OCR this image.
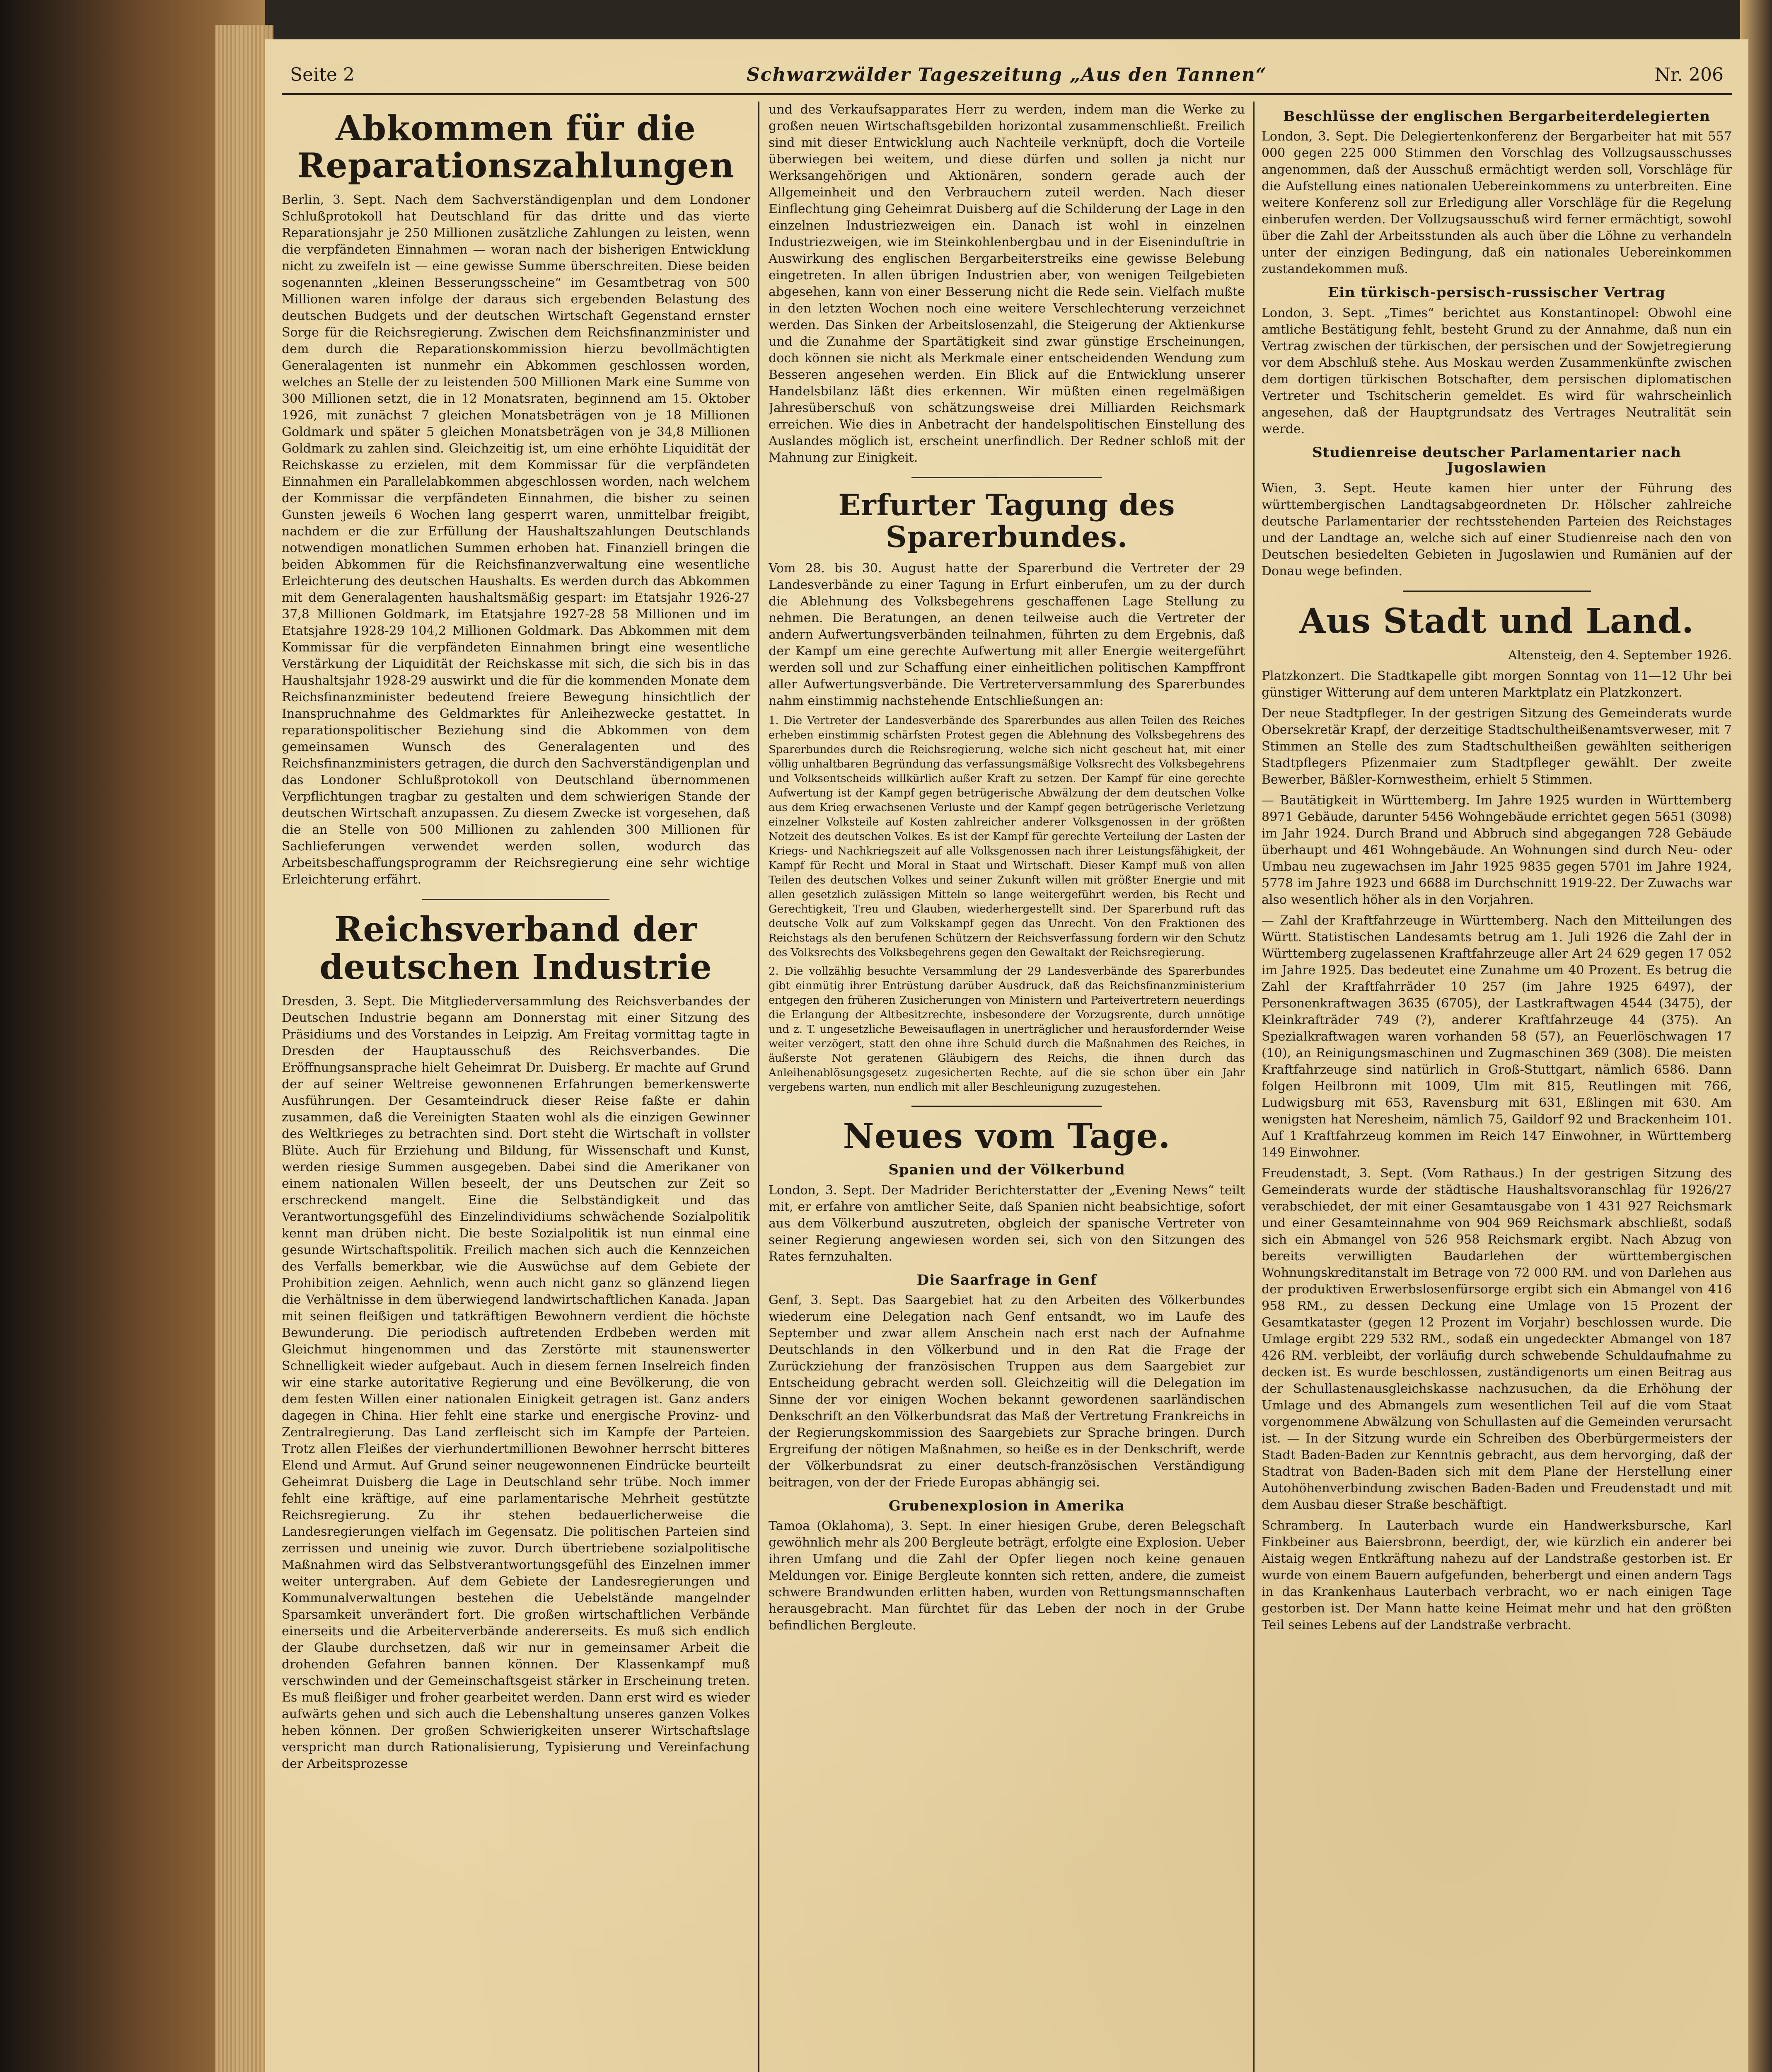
Seite 2	Schwarzwälder Tageszeitung „Aus den Tannen“	Nr. 206
Abkommen für die Reparationszahlungen

Berlin, 3. Sept. Nach dem Sachverständigenplan und dem Londoner Schlußprotokoll hat Deutschland für das dritte und das vierte Reparationsjahr je 250 Millionen zusätzliche Zahlungen zu leisten, wenn die verpfändeten Einnahmen — woran nach der bisherigen Entwicklung nicht zu zweifeln ist — eine gewisse Summe überschreiten. Diese beiden sogenannten „kleinen Besserungsscheine“ im Gesamtbetrag von 500 Millionen waren infolge der daraus sich ergebenden Belastung des deutschen Budgets und der deutschen Wirtschaft Gegenstand ernster Sorge für die Reichsregierung. Zwischen dem Reichsfinanzminister und dem durch die Reparationskommission hierzu bevollmächtigten Generalagenten ist nunmehr ein Abkommen geschlossen worden, welches an Stelle der zu leistenden 500 Millionen Mark eine Summe von 300 Millionen setzt, die in 12 Monatsraten, beginnend am 15. Oktober 1926, mit zunächst 7 gleichen Monatsbeträgen von je 18 Millionen Goldmark und später 5 gleichen Monatsbeträgen von je 34,8 Millionen Goldmark zu zahlen sind. Gleichzeitig ist, um eine erhöhte Liquidität der Reichskasse zu erzielen, mit dem Kommissar für die verpfändeten Einnahmen ein Parallelabkommen abgeschlossen worden, nach welchem der Kommissar die verpfändeten Einnahmen, die bisher zu seinen Gunsten jeweils 6 Wochen lang gesperrt waren, unmittelbar freigibt, nachdem er die zur Erfüllung der Haushaltszahlungen Deutschlands notwendigen monatlichen Summen erhoben hat. Finanziell bringen die beiden Abkommen für die Reichsfinanzverwaltung eine wesentliche Erleichterung des deutschen Haushalts. Es werden durch das Abkommen mit dem Generalagenten haushaltsmäßig gespart: im Etatsjahr 1926-27 37,8 Millionen Goldmark, im Etatsjahre 1927-28 58 Millionen und im Etatsjahre 1928-29 104,2 Millionen Goldmark. Das Abkommen mit dem Kommissar für die verpfändeten Einnahmen bringt eine wesentliche Verstärkung der Liquidität der Reichskasse mit sich, die sich bis in das Haushaltsjahr 1928-29 auswirkt und die für die kommenden Monate dem Reichsfinanzminister bedeutend freiere Bewegung hinsichtlich der Inanspruchnahme des Geldmarktes für Anleihezwecke gestattet. In reparationspolitischer Beziehung sind die Abkommen von dem gemeinsamen Wunsch des Generalagenten und des Reichsfinanzministers getragen, die durch den Sachverständigenplan und das Londoner Schlußprotokoll von Deutschland übernommenen Verpflichtungen tragbar zu gestalten und dem schwierigen Stande der deutschen Wirtschaft anzupassen. Zu diesem Zwecke ist vorgesehen, daß die an Stelle von 500 Millionen zu zahlenden 300 Millionen für Sachlieferungen verwendet werden sollen, wodurch das Arbeitsbeschaffungsprogramm der Reichsregierung eine sehr wichtige Erleichterung erfährt.

Reichsverband der deutschen Industrie

Dresden, 3. Sept. Die Mitgliederversammlung des Reichsverbandes der Deutschen Industrie begann am Donnerstag mit einer Sitzung des Präsidiums und des Vorstandes in Leipzig. Am Freitag vormittag tagte in Dresden der Hauptausschuß des Reichsverbandes. Die Eröffnungsansprache hielt Geheimrat Dr. Duisberg. Er machte auf Grund der auf seiner Weltreise gewonnenen Erfahrungen bemerkenswerte Ausführungen. Der Gesamteindruck dieser Reise faßte er dahin zusammen, daß die Vereinigten Staaten wohl als die einzigen Gewinner des Weltkrieges zu betrachten sind. Dort steht die Wirtschaft in vollster Blüte. Auch für Erziehung und Bildung, für Wissenschaft und Kunst, werden riesige Summen ausgegeben. Dabei sind die Amerikaner von einem nationalen Willen beseelt, der uns Deutschen zur Zeit so erschreckend mangelt. Eine die Selbständigkeit und das Verantwortungsgefühl des Einzelindividiums schwächende Sozialpolitik kennt man drüben nicht. Die beste Sozialpolitik ist nun einmal eine gesunde Wirtschaftspolitik. Freilich machen sich auch die Kennzeichen des Verfalls bemerkbar, wie die Auswüchse auf dem Gebiete der Prohibition zeigen. Aehnlich, wenn auch nicht ganz so glänzend liegen die Verhältnisse in dem überwiegend landwirtschaftlichen Kanada. Japan mit seinen fleißigen und tatkräftigen Bewohnern verdient die höchste Bewunderung. Die periodisch auftretenden Erdbeben werden mit Gleichmut hingenommen und das Zerstörte mit staunenswerter Schnelligkeit wieder aufgebaut. Auch in diesem fernen Inselreich finden wir eine starke autoritative Regierung und eine Bevölkerung, die von dem festen Willen einer nationalen Einigkeit getragen ist. Ganz anders dagegen in China. Hier fehlt eine starke und energische Provinz- und Zentralregierung. Das Land zerfleischt sich im Kampfe der Parteien. Trotz allen Fleißes der vierhundertmillionen Bewohner herrscht bitteres Elend und Armut. Auf Grund seiner neugewonnenen Eindrücke beurteilt Geheimrat Duisberg die Lage in Deutschland sehr trübe. Noch immer fehlt eine kräftige, auf eine parlamentarische Mehrheit gestützte Reichsregierung. Zu ihr stehen bedauerlicherweise die Landesregierungen vielfach im Gegensatz. Die politischen Parteien sind zerrissen und uneinig wie zuvor. Durch übertriebene sozialpolitische Maßnahmen wird das Selbstverantwortungsgefühl des Einzelnen immer weiter untergraben. Auf dem Gebiete der Landesregierungen und Kommunalverwaltungen bestehen die Uebelstände mangelnder Sparsamkeit unverändert fort. Die großen wirtschaftlichen Verbände einerseits und die Arbeiterverbände andererseits. Es muß sich endlich der Glaube durchsetzen, daß wir nur in gemeinsamer Arbeit die drohenden Gefahren bannen können. Der Klassenkampf muß verschwinden und der Gemeinschaftsgeist stärker in Erscheinung treten. Es muß fleißiger und froher gearbeitet werden. Dann erst wird es wieder aufwärts gehen und sich auch die Lebenshaltung unseres ganzen Volkes heben können. Der großen Schwierigkeiten unserer Wirtschaftslage verspricht man durch Rationalisierung, Typisierung und Vereinfachung der Arbeitsprozesse

und des Verkaufsapparates Herr zu werden, indem man die Werke zu großen neuen Wirtschaftsgebilden horizontal zusammenschließt. Freilich sind mit dieser Entwicklung auch Nachteile verknüpft, doch die Vorteile überwiegen bei weitem, und diese dürfen und sollen ja nicht nur Werksangehörigen und Aktionären, sondern gerade auch der Allgemeinheit und den Verbrauchern zuteil werden. Nach dieser Einflechtung ging Geheimrat Duisberg auf die Schilderung der Lage in den einzelnen Industriezweigen ein. Danach ist wohl in einzelnen Industriezweigen, wie im Steinkohlenbergbau und in der Eiseninduſtrie in Auswirkung des englischen Bergarbeiterstreiks eine gewisse Belebung eingetreten. In allen übrigen Industrien aber, von wenigen Teilgebieten abgesehen, kann von einer Besserung nicht die Rede sein. Vielfach mußte in den letzten Wochen noch eine weitere Verschlechterung verzeichnet werden. Das Sinken der Arbeitslosenzahl, die Steigerung der Aktienkurse und die Zunahme der Spartätigkeit sind zwar günstige Erscheinungen, doch können sie nicht als Merkmale einer entscheidenden Wendung zum Besseren angesehen werden. Ein Blick auf die Entwicklung unserer Handelsbilanz läßt dies erkennen. Wir müßten einen regelmäßigen Jahresüberschuß von schätzungsweise drei Milliarden Reichsmark erreichen. Wie dies in Anbetracht der handelspolitischen Einstellung des Auslandes möglich ist, erscheint unerfindlich. Der Redner schloß mit der Mahnung zur Einigkeit.

Erfurter Tagung des Sparerbundes.

Vom 28. bis 30. August hatte der Sparerbund die Vertreter der 29 Landesverbände zu einer Tagung in Erfurt einberufen, um zu der durch die Ablehnung des Volksbegehrens geschaffenen Lage Stellung zu nehmen. Die Beratungen, an denen teilweise auch die Vertreter der andern Aufwertungsverbänden teilnahmen, führten zu dem Ergebnis, daß der Kampf um eine gerechte Aufwertung mit aller Energie weitergeführt werden soll und zur Schaffung einer einheitlichen politischen Kampffront aller Aufwertungsverbände. Die Vertreterversammlung des Sparerbundes nahm einstimmig nachstehende Entschließungen an:

1. Die Vertreter der Landesverbände des Sparerbundes aus allen Teilen des Reiches erheben einstimmig schärfsten Protest gegen die Ablehnung des Volksbegehrens des Sparerbundes durch die Reichsregierung, welche sich nicht gescheut hat, mit einer völlig unhaltbaren Begründung das verfassungsmäßige Volksrecht des Volksbegehrens und Volksentscheids willkürlich außer Kraft zu setzen. Der Kampf für eine gerechte Aufwertung ist der Kampf gegen betrügerische Abwälzung der dem deutschen Volke aus dem Krieg erwachsenen Verluste und der Kampf gegen betrügerische Verletzung einzelner Volksteile auf Kosten zahlreicher anderer Volksgenossen in der größten Notzeit des deutschen Volkes. Es ist der Kampf für gerechte Verteilung der Lasten der Kriegs- und Nachkriegszeit auf alle Volksgenossen nach ihrer Leistungsfähigkeit, der Kampf für Recht und Moral in Staat und Wirtschaft. Dieser Kampf muß von allen Teilen des deutschen Volkes und seiner Zukunft willen mit größter Energie und mit allen gesetzlich zulässigen Mitteln so lange weitergeführt werden, bis Recht und Gerechtigkeit, Treu und Glauben, wiederhergestellt sind. Der Sparerbund ruft das deutsche Volk auf zum Volkskampf gegen das Unrecht. Von den Fraktionen des Reichstags als den berufenen Schützern der Reichsverfassung fordern wir den Schutz des Volksrechts des Volksbegehrens gegen den Gewaltakt der Reichsregierung.

2. Die vollzählig besuchte Versammlung der 29 Landesverbände des Sparerbundes gibt einmütig ihrer Entrüstung darüber Ausdruck, daß das Reichsfinanzministerium entgegen den früheren Zusicherungen von Ministern und Parteivertretern neuerdings die Erlangung der Altbesitzrechte, insbesondere der Vorzugsrente, durch unnötige und z. T. ungesetzliche Beweisauflagen in unerträglicher und herausfordernder Weise weiter verzögert, statt den ohne ihre Schuld durch die Maßnahmen des Reiches, in äußerste Not geratenen Gläubigern des Reichs, die ihnen durch das Anleihenablösungsgesetz zugesicherten Rechte, auf die sie schon über ein Jahr vergebens warten, nun endlich mit aller Beschleunigung zuzugestehen.

Neues vom Tage.
Spanien und der Völkerbund

London, 3. Sept. Der Madrider Berichterstatter der „Evening News“ teilt mit, er erfahre von amtlicher Seite, daß Spanien nicht beabsichtige, sofort aus dem Völkerbund auszutreten, obgleich der spanische Vertreter von seiner Regierung angewiesen worden sei, sich von den Sitzungen des Rates fernzuhalten.

Die Saarfrage in Genf

Genf, 3. Sept. Das Saargebiet hat zu den Arbeiten des Völkerbundes wiederum eine Delegation nach Genf entsandt, wo im Laufe des September und zwar allem Anschein nach erst nach der Aufnahme Deutschlands in den Völkerbund und in den Rat die Frage der Zurückziehung der französischen Truppen aus dem Saargebiet zur Entscheidung gebracht werden soll. Gleichzeitig will die Delegation im Sinne der vor einigen Wochen bekannt gewordenen saarländischen Denkschrift an den Völkerbundsrat das Maß der Vertretung Frankreichs in der Regierungskommission des Saargebiets zur Sprache bringen. Durch Ergreifung der nötigen Maßnahmen, so heiße es in der Denkschrift, werde der Völkerbundsrat zu einer deutsch-französischen Verständigung beitragen, von der der Friede Europas abhängig sei.

Grubenexplosion in Amerika

Tamoa (Oklahoma), 3. Sept. In einer hiesigen Grube, deren Belegschaft gewöhnlich mehr als 200 Bergleute beträgt, erfolgte eine Explosion. Ueber ihren Umfang und die Zahl der Opfer liegen noch keine genauen Meldungen vor. Einige Bergleute konnten sich retten, andere, die zumeist schwere Brandwunden erlitten haben, wurden von Rettungsmannschaften herausgebracht. Man fürchtet für das Leben der noch in der Grube befindlichen Bergleute.

Beschlüsse der englischen Bergarbeiterdelegierten

London, 3. Sept. Die Delegiertenkonferenz der Bergarbeiter hat mit 557 000 gegen 225 000 Stimmen den Vorschlag des Vollzugsausschusses angenommen, daß der Ausschuß ermächtigt werden soll, Vorschläge für die Aufstellung eines nationalen Uebereinkommens zu unterbreiten. Eine weitere Konferenz soll zur Erledigung aller Vorschläge für die Regelung einberufen werden. Der Vollzugsausschuß wird ferner ermächtigt, sowohl über die Zahl der Arbeitsstunden als auch über die Löhne zu verhandeln unter der einzigen Bedingung, daß ein nationales Uebereinkommen zustandekommen muß.

Ein türkisch-persisch-russischer Vertrag

London, 3. Sept. „Times“ berichtet aus Konstantinopel: Obwohl eine amtliche Bestätigung fehlt, besteht Grund zu der Annahme, daß nun ein Vertrag zwischen der türkischen, der persischen und der Sowjetregierung vor dem Abschluß stehe. Aus Moskau werden Zusammenkünfte zwischen dem dortigen türkischen Botschafter, dem persischen diplomatischen Vertreter und Tschitscherin gemeldet. Es wird für wahrscheinlich angesehen, daß der Hauptgrundsatz des Vertrages Neutralität sein werde.

Studienreise deutscher Parlamentarier nach Jugoslawien

Wien, 3. Sept. Heute kamen hier unter der Führung des württembergischen Landtagsabgeordneten Dr. Hölscher zahlreiche deutsche Parlamentarier der rechtsstehenden Parteien des Reichstages und der Landtage an, welche sich auf einer Studienreise nach den von Deutschen besiedelten Gebieten in Jugoslawien und Rumänien auf der Donau wege befinden.

Aus Stadt und Land.
Altensteig, den 4. September 1926.

Platzkonzert. Die Stadtkapelle gibt morgen Sonntag von 11—12 Uhr bei günstiger Witterung auf dem unteren Marktplatz ein Platzkonzert.

Der neue Stadtpfleger. In der gestrigen Sitzung des Gemeinderats wurde Obersekretär Krapf, der derzeitige Stadtschultheißenamtsverweser, mit 7 Stimmen an Stelle des zum Stadtschultheißen gewählten seitherigen Stadtpflegers Pfizenmaier zum Stadtpfleger gewählt. Der zweite Bewerber, Bäßler-Kornwestheim, erhielt 5 Stimmen.

— Bautätigkeit in Württemberg. Im Jahre 1925 wurden in Württemberg 8971 Gebäude, darunter 5456 Wohngebäude errichtet gegen 5651 (3098) im Jahr 1924. Durch Brand und Abbruch sind abgegangen 728 Gebäude überhaupt und 461 Wohngebäude. An Wohnungen sind durch Neu- oder Umbau neu zugewachsen im Jahr 1925 9835 gegen 5701 im Jahre 1924, 5778 im Jahre 1923 und 6688 im Durchschnitt 1919-22. Der Zuwachs war also wesentlich höher als in den Vorjahren.

— Zahl der Kraftfahrzeuge in Württemberg. Nach den Mitteilungen des Württ. Statistischen Landesamts betrug am 1. Juli 1926 die Zahl der in Württemberg zugelassenen Kraftfahrzeuge aller Art 24 629 gegen 17 052 im Jahre 1925. Das bedeutet eine Zunahme um 40 Prozent. Es betrug die Zahl der Kraftfahrräder 10 257 (im Jahre 1925 6497), der Personenkraftwagen 3635 (6705), der Lastkraftwagen 4544 (3475), der Kleinkrafträder 749 (?), anderer Kraftfahrzeuge 44 (375). An Spezialkraftwagen waren vorhanden 58 (57), an Feuerlöschwagen 17 (10), an Reinigungsmaschinen und Zugmaschinen 369 (308). Die meisten Kraftfahrzeuge sind natürlich in Groß-Stuttgart, nämlich 6586. Dann folgen Heilbronn mit 1009, Ulm mit 815, Reutlingen mit 766, Ludwigsburg mit 653, Ravensburg mit 631, Eßlingen mit 630. Am wenigsten hat Neresheim, nämlich 75, Gaildorf 92 und Brackenheim 101. Auf 1 Kraftfahrzeug kommen im Reich 147 Einwohner, in Württemberg 149 Einwohner.

Freudenstadt, 3. Sept. (Vom Rathaus.) In der gestrigen Sitzung des Gemeinderats wurde der städtische Haushaltsvoranschlag für 1926/27 verabschiedet, der mit einer Gesamtausgabe von 1 431 927 Reichsmark und einer Gesamteinnahme von 904 969 Reichsmark abschließt, sodaß sich ein Abmangel von 526 958 Reichsmark ergibt. Nach Abzug von bereits verwilligten Baudarlehen der württembergischen Wohnungskreditanstalt im Betrage von 72 000 RM. und von Darlehen aus der produktiven Erwerbslosenfürsorge ergibt sich ein Abmangel von 416 958 RM., zu dessen Deckung eine Umlage von 15 Prozent der Gesamtkataster (gegen 12 Prozent im Vorjahr) beschlossen wurde. Die Umlage ergibt 229 532 RM., sodaß ein ungedeckter Abmangel von 187 426 RM. verbleibt, der vorläufig durch schwebende Schuldaufnahme zu decken ist. Es wurde beschlossen, zuständigenorts um einen Beitrag aus der Schullastenausgleichskasse nachzusuchen, da die Erhöhung der Umlage und des Abmangels zum wesentlichen Teil auf die vom Staat vorgenommene Abwälzung von Schullasten auf die Gemeinden verursacht ist. — In der Sitzung wurde ein Schreiben des Oberbürgermeisters der Stadt Baden-Baden zur Kenntnis gebracht, aus dem hervorging, daß der Stadtrat von Baden-Baden sich mit dem Plane der Herstellung einer Autohöhenverbindung zwischen Baden-Baden und Freudenstadt und mit dem Ausbau dieser Straße beschäftigt.

Schramberg. In Lauterbach wurde ein Handwerksbursche, Karl Finkbeiner aus Baiersbronn, beerdigt, der, wie kürzlich ein anderer bei Aistaig wegen Entkräftung nahezu auf der Landstraße gestorben ist. Er wurde von einem Bauern aufgefunden, beherbergt und einen andern Tags in das Krankenhaus Lauterbach verbracht, wo er nach einigen Tage gestorben ist. Der Mann hatte keine Heimat mehr und hat den größten Teil seines Lebens auf der Landstraße verbracht.
